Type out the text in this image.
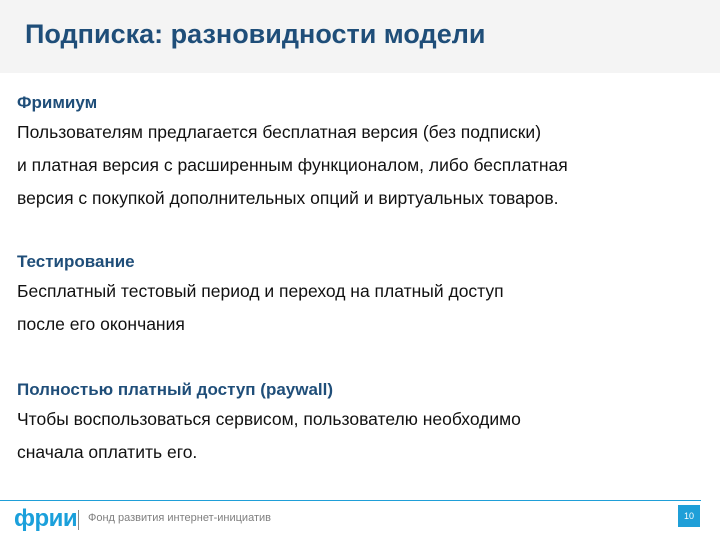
Подписка: разновидности модели
Фримиум
Пользователям предлагается бесплатная версия (без подписки)
и платная версия с расширенным функционалом, либо бесплатная
версия с покупкой дополнительных опций и виртуальных товаров.
Тестирование
Бесплатный тестовый период и переход на платный доступ
после его окончания
Полностью платный доступ (paywall)
Чтобы воспользоваться сервисом, пользователю необходимо
сначала оплатить его.
фрии Фонд развития интернет-инициатив	10
